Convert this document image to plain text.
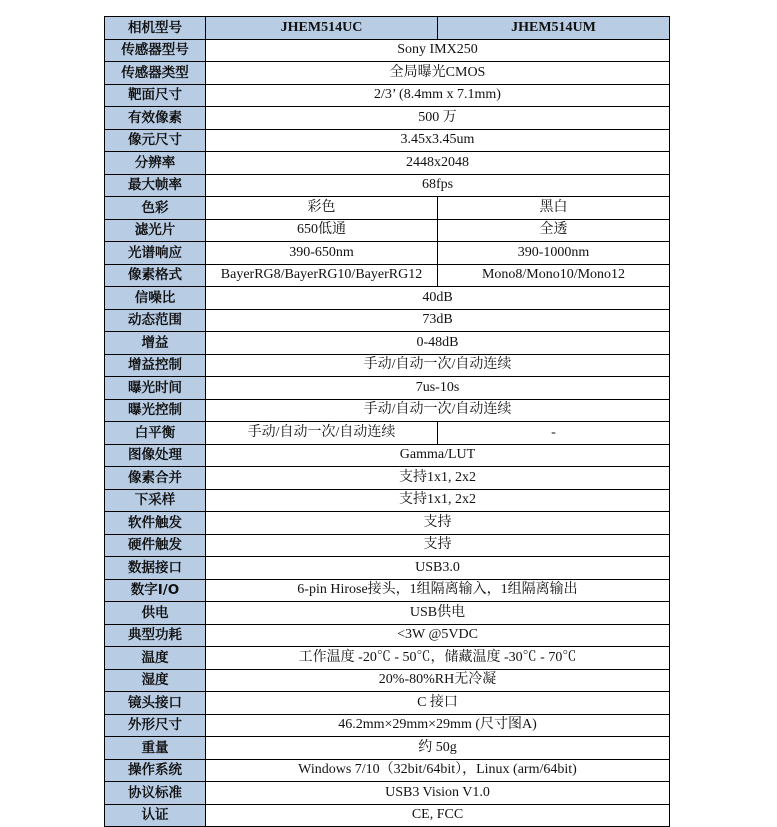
相机型号	JHEM514UC	JHEM514UM
传感器型号	Sony IMX250	
传感器类型	全局曝光CMOS	
靶面尺寸	2/3’ (8.4mm x 7.1mm)	
有效像素	500 万	
像元尺寸	3.45x3.45um	
分辨率	2448x2048	
最大帧率	68fps	
色彩	彩色	黑白
滤光片	650低通	全透
光谱响应	390-650nm	390-1000nm
像素格式	BayerRG8/BayerRG10/BayerRG12	Mono8/Mono10/Mono12
信噪比	40dB	
动态范围	73dB	
增益	0-48dB	
增益控制	手动/自动一次/自动连续	
曝光时间	7us-10s	
曝光控制	手动/自动一次/自动连续	
白平衡	手动/自动一次/自动连续	-
图像处理	Gamma/LUT	
像素合并	支持1x1, 2x2	
下采样	支持1x1, 2x2	
软件触发	支持	
硬件触发	支持	
数据接口	USB3.0	
数字I/O	6-pin Hirose接头，1组隔离输入，1组隔离输出	
供电	USB供电	
典型功耗	<3W @5VDC	
温度	工作温度 -20℃ - 50℃，储藏温度 -30℃ - 70℃	
湿度	20%-80%RH无冷凝	
镜头接口	C 接口	
外形尺寸	46.2mm×29mm×29mm (尺寸图A)	
重量	约 50g	
操作系统	Windows 7/10（32bit/64bit），Linux (arm/64bit)	
协议标准	USB3 Vision V1.0	
认证	CE, FCC	
